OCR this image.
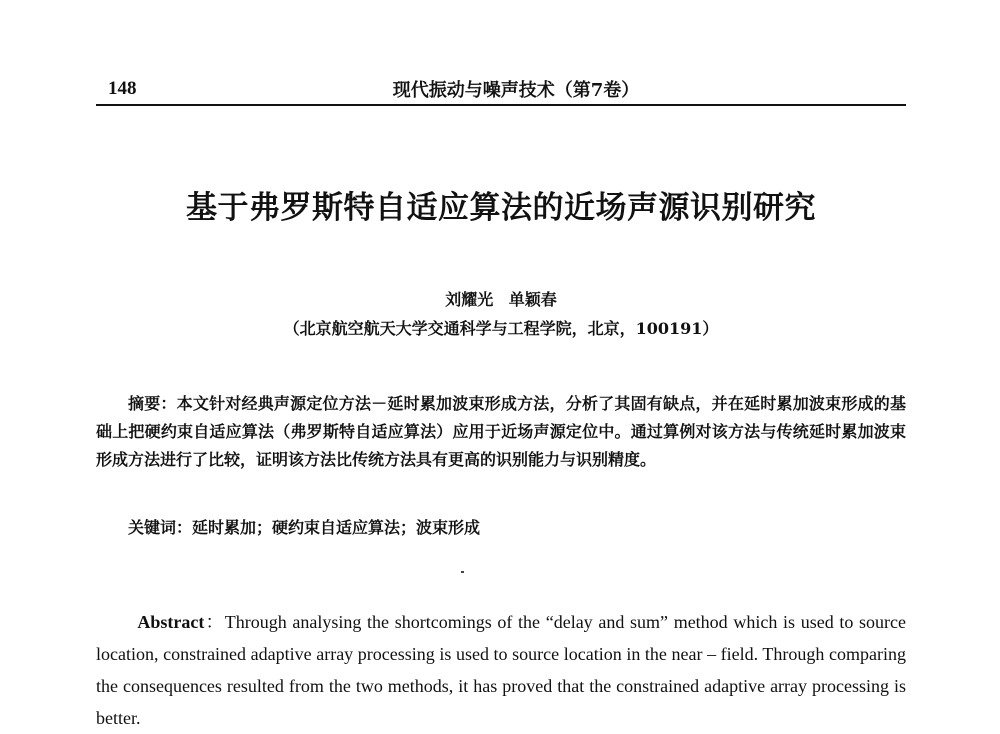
148	现代振动与噪声技术（第7卷）
基于弗罗斯特自适应算法的近场声源识别研究
刘耀光 单颖春
（北京航空航天大学交通科学与工程学院，北京，100191）
摘要：本文针对经典声源定位方法－延时累加波束形成方法，分析了其固有缺点，并在延时累加波束形成的基础上把硬约束自适应算法（弗罗斯特自适应算法）应用于近场声源定位中。通过算例对该方法与传统延时累加波束形成方法进行了比较，证明该方法比传统方法具有更高的识别能力与识别精度。
关键词：延时累加；硬约束自适应算法；波束形成
Abstract：Through analysing the shortcomings of the “delay and sum” method which is used to source location, constrained adaptive array processing is used to source location in the near – field. Through comparing the consequences resulted from the two methods, it has proved that the constrained adaptive array processing is better.
